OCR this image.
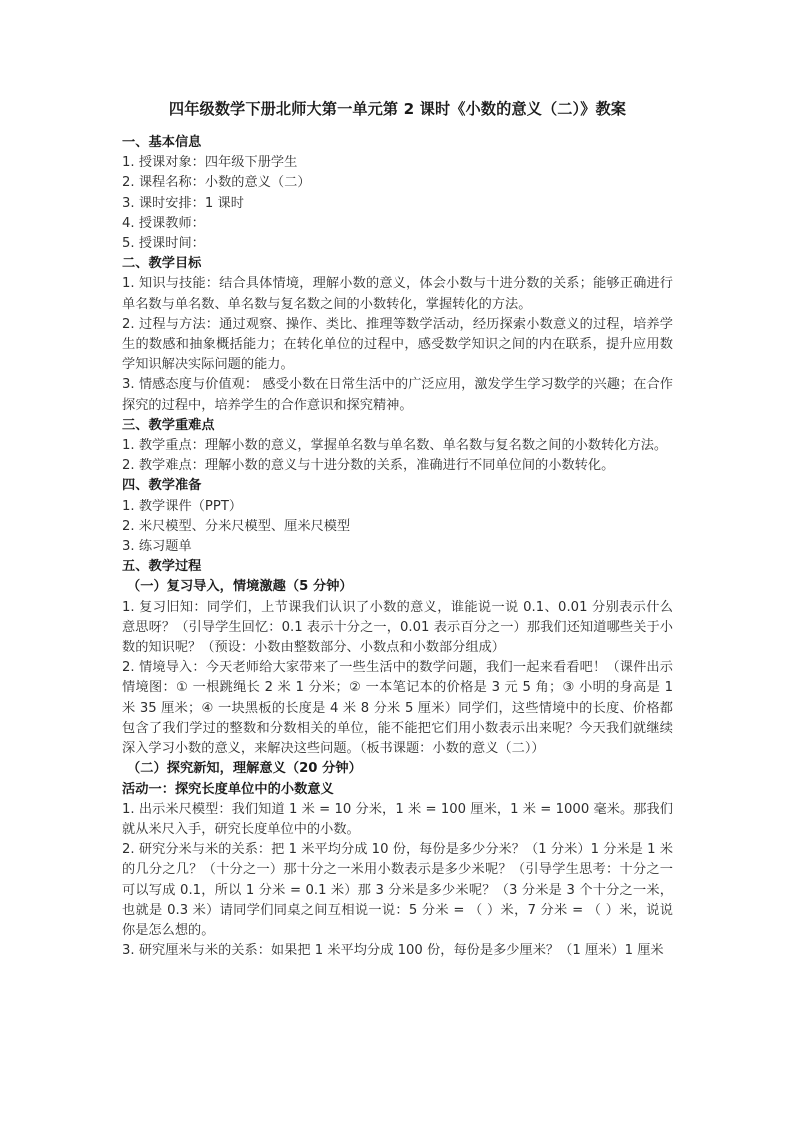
四年级数学下册北师大第一单元第 2 课时《小数的意义（二）》教案
一、基本信息

1. 授课对象：四年级下册学生

2. 课程名称：小数的意义（二）

3. 课时安排：1 课时

4. 授课教师：

5. 授课时间：

二、教学目标

1. 知识与技能：结合具体情境，理解小数的意义，体会小数与十进分数的关系；能够正确进行单名数与单名数、单名数与复名数之间的小数转化，掌握转化的方法。

2. 过程与方法：通过观察、操作、类比、推理等数学活动，经历探索小数意义的过程，培养学生的数感和抽象概括能力；在转化单位的过程中，感受数学知识之间的内在联系，提升应用数学知识解决实际问题的能力。

3. 情感态度与价值观： 感受小数在日常生活中的广泛应用，激发学生学习数学的兴趣；在合作探究的过程中，培养学生的合作意识和探究精神。

三、教学重难点

1. 教学重点：理解小数的意义，掌握单名数与单名数、单名数与复名数之间的小数转化方法。

2. 教学难点：理解小数的意义与十进分数的关系，准确进行不同单位间的小数转化。

四、教学准备

1. 教学课件（PPT）

2. 米尺模型、分米尺模型、厘米尺模型

3. 练习题单

五、教学过程
（一）复习导入，情境激趣（5 分钟）

1. 复习旧知：同学们，上节课我们认识了小数的意义，谁能说一说 0.1、0.01 分别表示什么意思呀？（引导学生回忆：0.1 表示十分之一，0.01 表示百分之一）那我们还知道哪些关于小数的知识呢？（预设：小数由整数部分、小数点和小数部分组成）

2. 情境导入：今天老师给大家带来了一些生活中的数学问题，我们一起来看看吧！（课件出示情境图：① 一根跳绳长 2 米 1 分米；② 一本笔记本的价格是 3 元 5 角；③ 小明的身高是 1 米 35 厘米；④ 一块黑板的长度是 4 米 8 分米 5 厘米）同学们，这些情境中的长度、价格都包含了我们学过的整数和分数相关的单位，能不能把它们用小数表示出来呢？今天我们就继续深入学习小数的意义，来解决这些问题。（板书课题：小数的意义（二））

（二）探究新知，理解意义（20 分钟）
活动一：探究长度单位中的小数意义

1. 出示米尺模型：我们知道 1 米 = 10 分米，1 米 = 100 厘米，1 米 = 1000 毫米。那我们就从米尺入手，研究长度单位中的小数。

2. 研究分米与米的关系：把 1 米平均分成 10 份，每份是多少分米？（1 分米）1 分米是 1 米的几分之几？（十分之一）那十分之一米用小数表示是多少米呢？（引导学生思考：十分之一可以写成 0.1，所以 1 分米 = 0.1 米）那 3 分米是多少米呢？（3 分米是 3 个十分之一米，也就是 0.3 米）请同学们同桌之间互相说一说：5 分米 = （ ）米，7 分米 = （ ）米，说说你是怎么想的。

3. 研究厘米与米的关系：如果把 1 米平均分成 100 份，每份是多少厘米？（1 厘米）1 厘米
